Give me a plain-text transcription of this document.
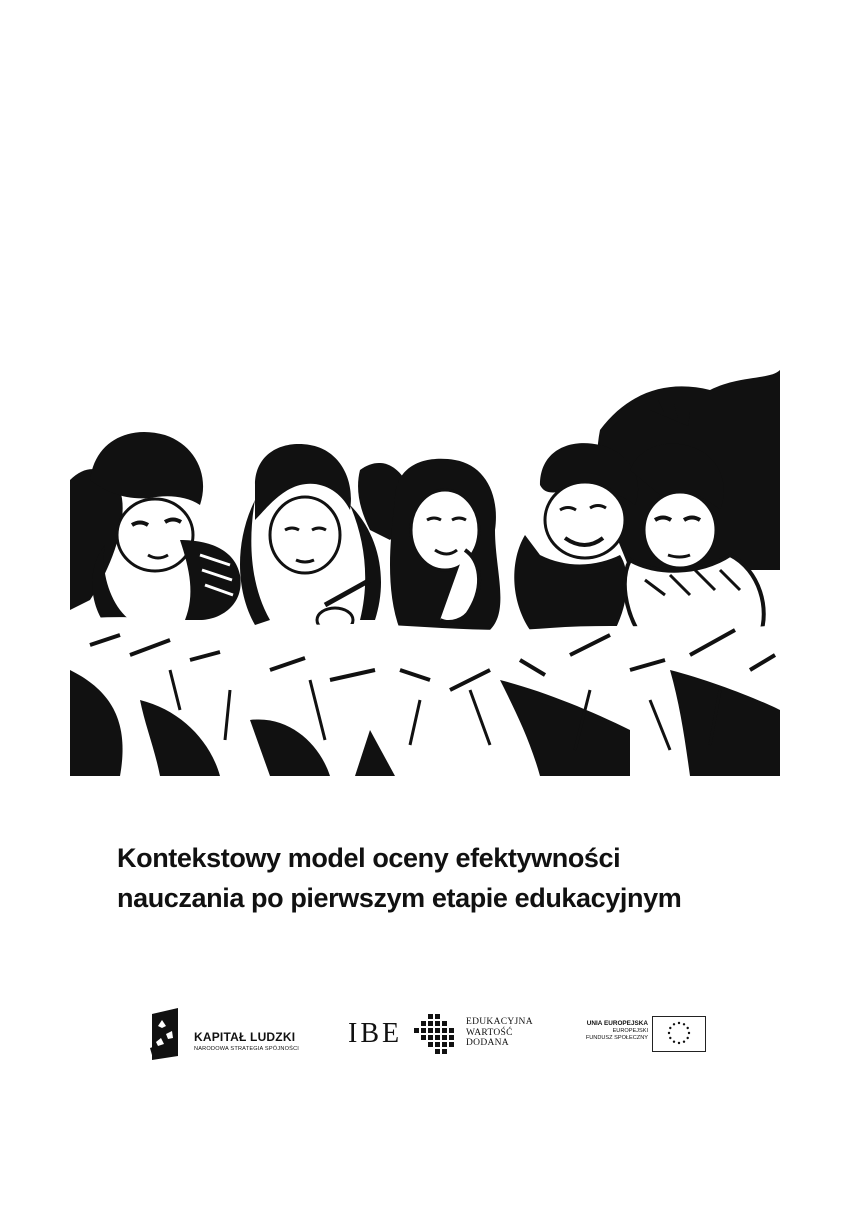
Kontekstowy model oceny efektywności
nauczania po pierwszym etapie edukacyjnym
KAPITAŁ LUDZKI
NARODOWA STRATEGIA SPÓJNOŚCI IBE	EDUKACYJNA
WARTOŚĆ
DODANA
UNIA EUROPEJSKA
EUROPEJSKI
FUNDUSZ SPOŁECZNY
